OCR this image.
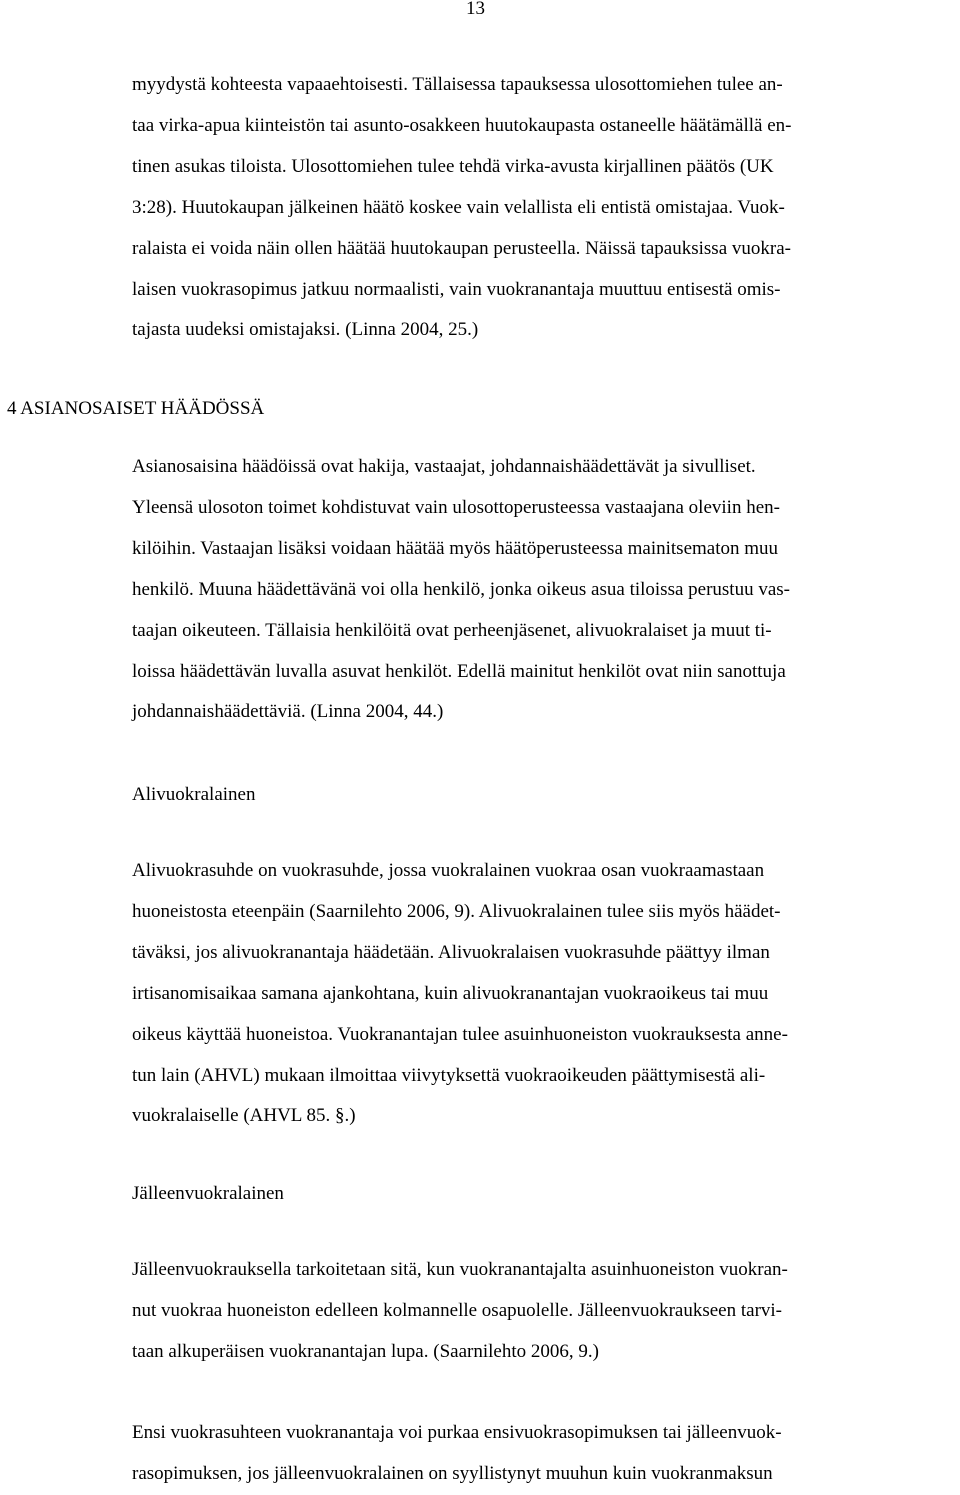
13
myydystä kohteesta vapaaehtoisesti. Tällaisessa tapauksessa ulosottomiehen tulee an-
taa virka-apua kiinteistön tai asunto-osakkeen huutokaupasta ostaneelle häätämällä en-
tinen asukas tiloista. Ulosottomiehen tulee tehdä virka-avusta kirjallinen päätös (UK
3:28). Huutokaupan jälkeinen häätö koskee vain velallista eli entistä omistajaa. Vuok-
ralaista ei voida näin ollen häätää huutokaupan perusteella. Näissä tapauksissa vuokra-
laisen vuokrasopimus jatkuu normaalisti, vain vuokranantaja muuttuu entisestä omis-
tajasta uudeksi omistajaksi. (Linna 2004, 25.)
4 ASIANOSAISET HÄÄDÖSSÄ
Asianosaisina häädöissä ovat hakija, vastaajat, johdannaishäädettävät ja sivulliset.
Yleensä ulosoton toimet kohdistuvat vain ulosottoperusteessa vastaajana oleviin hen-
kilöihin. Vastaajan lisäksi voidaan häätää myös häätöperusteessa mainitsematon muu
henkilö. Muuna häädettävänä voi olla henkilö, jonka oikeus asua tiloissa perustuu vas-
taajan oikeuteen. Tällaisia henkilöitä ovat perheenjäsenet, alivuokralaiset ja muut ti-
loissa häädettävän luvalla asuvat henkilöt. Edellä mainitut henkilöt ovat niin sanottuja
johdannaishäädettäviä. (Linna 2004, 44.)
Alivuokralainen
Alivuokrasuhde on vuokrasuhde, jossa vuokralainen vuokraa osan vuokraamastaan
huoneistosta eteenpäin (Saarnilehto 2006, 9). Alivuokralainen tulee siis myös häädet-
täväksi, jos alivuokranantaja häädetään. Alivuokralaisen vuokrasuhde päättyy ilman
irtisanomisaikaa samana ajankohtana, kuin alivuokranantajan vuokraoikeus tai muu
oikeus käyttää huoneistoa. Vuokranantajan tulee asuinhuoneiston vuokrauksesta anne-
tun lain (AHVL) mukaan ilmoittaa viivytyksettä vuokraoikeuden päättymisestä ali-
vuokralaiselle (AHVL 85. §.)
Jälleenvuokralainen
Jälleenvuokrauksella tarkoitetaan sitä, kun vuokranantajalta asuinhuoneiston vuokran-
nut vuokraa huoneiston edelleen kolmannelle osapuolelle. Jälleenvuokraukseen tarvi-
taan alkuperäisen vuokranantajan lupa. (Saarnilehto 2006, 9.)
Ensi vuokrasuhteen vuokranantaja voi purkaa ensivuokrasopimuksen tai jälleenvuok-
rasopimuksen, jos jälleenvuokralainen on syyllistynyt muuhun kuin vuokranmaksun
